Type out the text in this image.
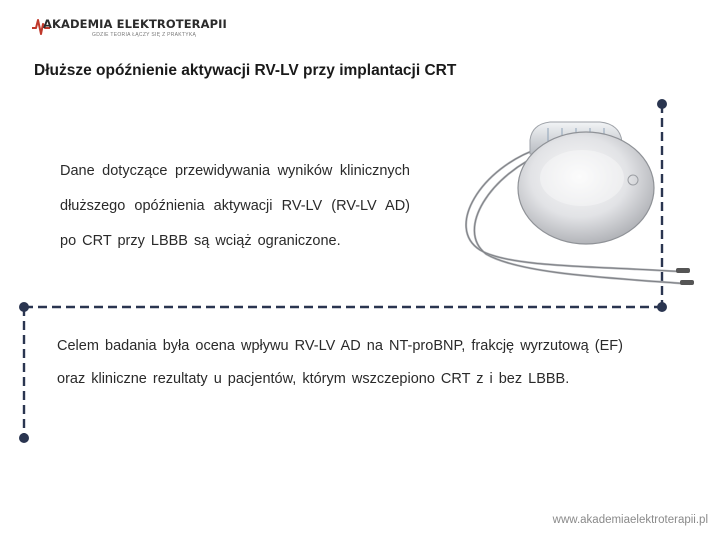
AKADEMIA ELEKTROTERAPII
GDZIE TEORIA ŁĄCZY SIĘ Z PRAKTYKĄ
Dłuższe opóźnienie aktywacji RV-LV przy implantacji CRT
Dane dotyczące przewidywania wyników klinicznych dłuższego opóźnienia aktywacji RV-LV (RV-LV AD) po CRT przy LBBB są wciąż ograniczone.
Celem badania była ocena wpływu RV-LV AD na NT-proBNP, frakcję wyrzutową (EF) oraz kliniczne rezultaty u pacjentów, którym wszczepiono CRT z i bez LBBB.
www.akademiaelektroterapii.pl
